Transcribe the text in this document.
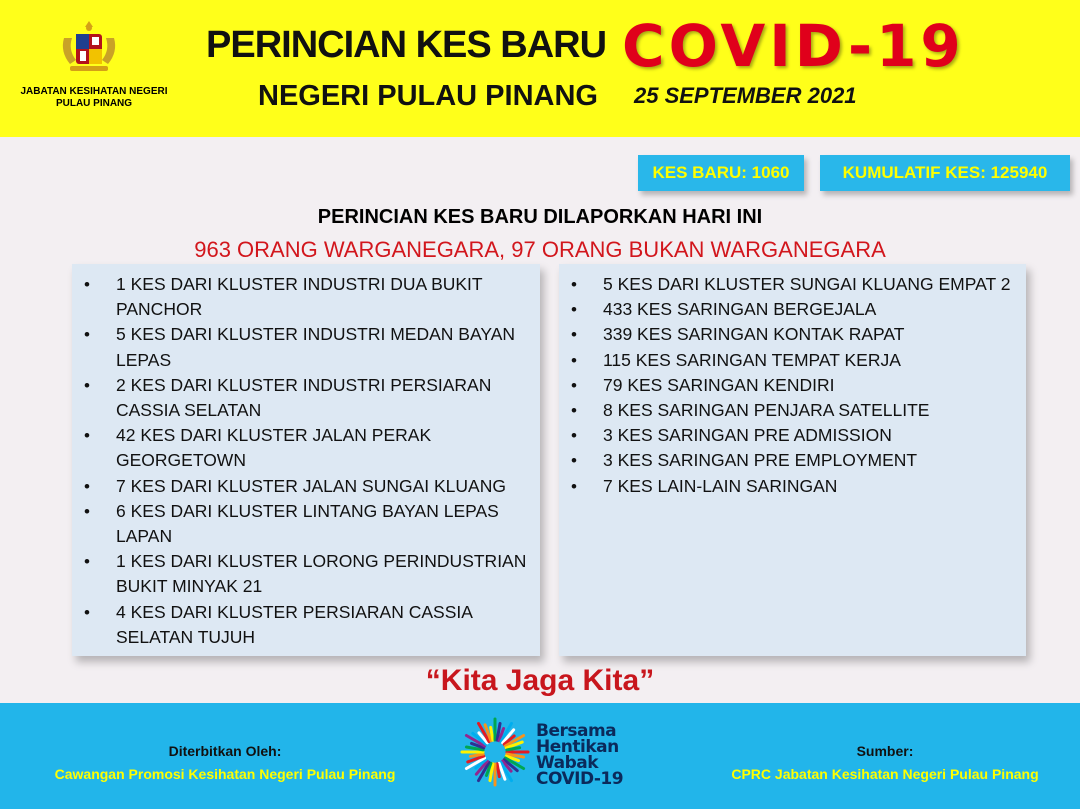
JABATAN KESIHATAN NEGERI
PULAU PINANG
PERINCIAN KES BARU
NEGERI PULAU PINANG
COVID-19
25 SEPTEMBER 2021
KES BARU: 1060	KUMULATIF KES: 125940
PERINCIAN KES BARU DILAPORKAN HARI INI
963 ORANG WARGANEGARA, 97 ORANG BUKAN WARGANEGARA
• 1 KES DARI KLUSTER INDUSTRI DUA BUKIT PANCHOR
• 5 KES DARI KLUSTER INDUSTRI MEDAN BAYAN LEPAS
• 2 KES DARI KLUSTER INDUSTRI PERSIARAN CASSIA SELATAN
• 42 KES DARI KLUSTER JALAN PERAK GEORGETOWN
• 7 KES DARI KLUSTER JALAN SUNGAI KLUANG
• 6 KES DARI KLUSTER LINTANG BAYAN LEPAS LAPAN
• 1 KES DARI KLUSTER LORONG PERINDUSTRIAN BUKIT MINYAK 21
• 4 KES DARI KLUSTER PERSIARAN CASSIA SELATAN TUJUH
• 5 KES DARI KLUSTER SUNGAI KLUANG EMPAT 2
• 433 KES SARINGAN BERGEJALA
• 339 KES SARINGAN KONTAK RAPAT
• 115 KES SARINGAN TEMPAT KERJA
• 79 KES SARINGAN KENDIRI
• 8 KES SARINGAN PENJARA SATELLITE
• 3 KES SARINGAN PRE ADMISSION
• 3 KES SARINGAN PRE EMPLOYMENT
• 7 KES LAIN-LAIN SARINGAN
“Kita Jaga Kita”
Diterbitkan Oleh:
Cawangan Promosi Kesihatan Negeri Pulau Pinang
Bersama
Hentikan
Wabak
COVID-19
Sumber:
CPRC Jabatan Kesihatan Negeri Pulau Pinang
